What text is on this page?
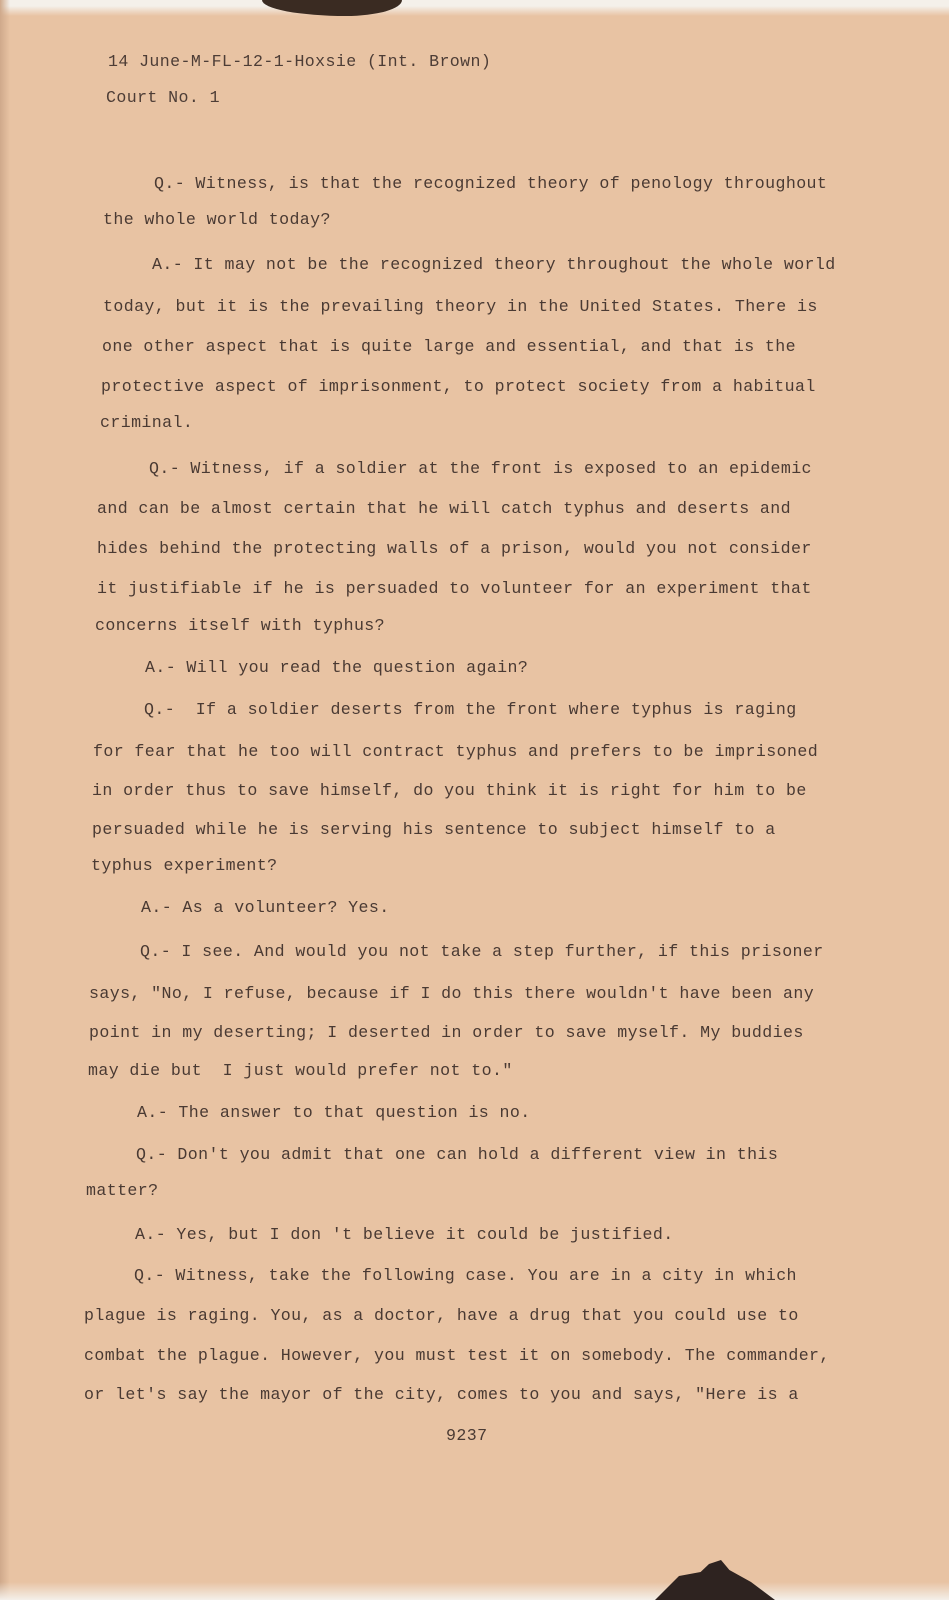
14 June-M-FL-12-1-Hoxsie (Int. Brown)

Court No. 1

Q.- Witness, is that the recognized theory of penology throughout

the whole world today?

A.- It may not be the recognized theory throughout the whole world

today, but it is the prevailing theory in the United States. There is

one other aspect that is quite large and essential, and that is the

protective aspect of imprisonment, to protect society from a habitual

criminal.

Q.- Witness, if a soldier at the front is exposed to an epidemic

and can be almost certain that he will catch typhus and deserts and

hides behind the protecting walls of a prison, would you not consider

it justifiable if he is persuaded to volunteer for an experiment that

concerns itself with typhus?

A.- Will you read the question again?

Q.-  If a soldier deserts from the front where typhus is raging

for fear that he too will contract typhus and prefers to be imprisoned

in order thus to save himself, do you think it is right for him to be

persuaded while he is serving his sentence to subject himself to a

typhus experiment?

A.- As a volunteer? Yes.

Q.- I see. And would you not take a step further, if this prisoner

says, "No, I refuse, because if I do this there wouldn't have been any

point in my deserting; I deserted in order to save myself. My buddies

may die but  I just would prefer not to."

A.- The answer to that question is no.

Q.- Don't you admit that one can hold a different view in this

matter?

A.- Yes, but I don 't believe it could be justified.

Q.- Witness, take the following case. You are in a city in which

plague is raging. You, as a doctor, have a drug that you could use to

combat the plague. However, you must test it on somebody. The commander,

or let's say the mayor of the city, comes to you and says, "Here is a

9237
